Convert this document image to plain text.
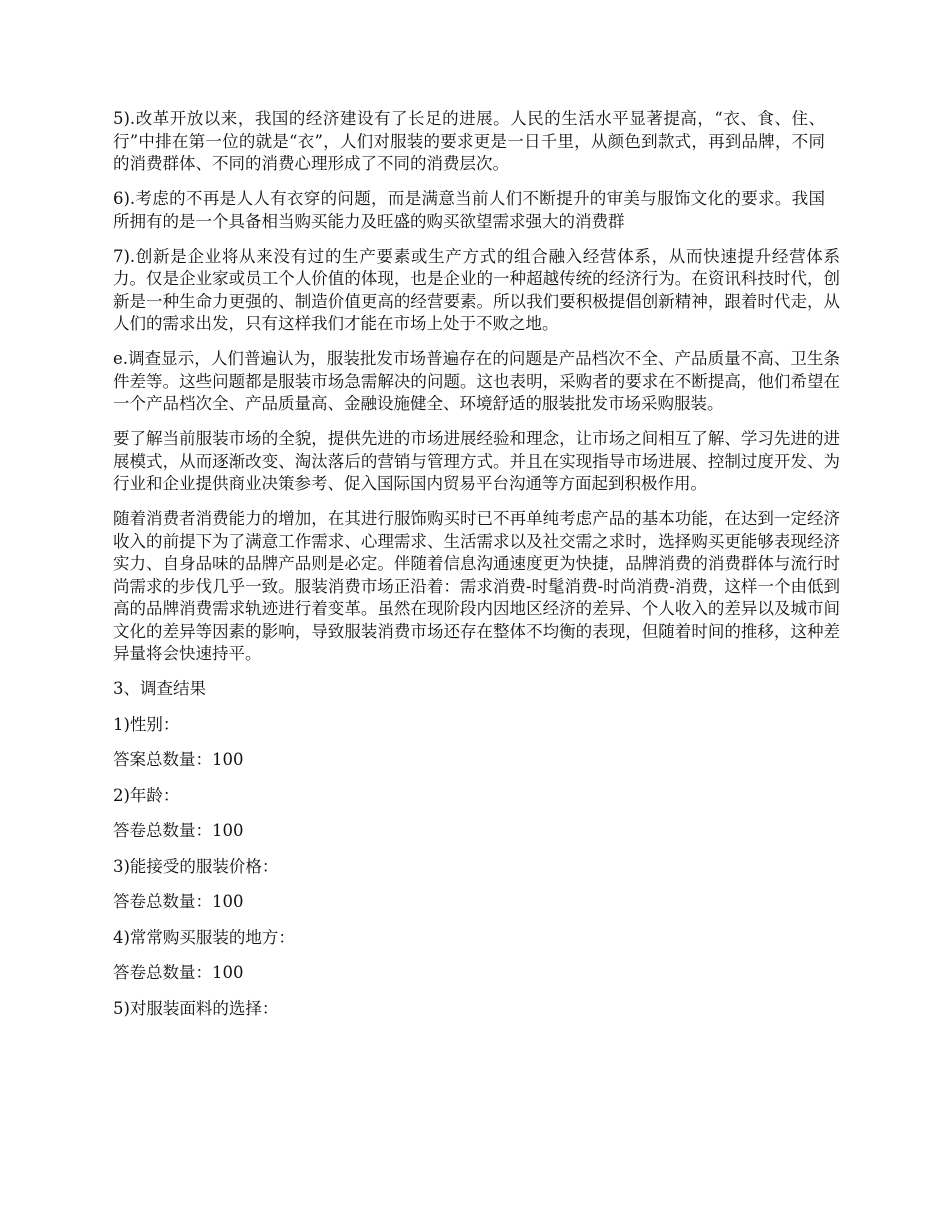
5).改革开放以来，我国的经济建设有了长足的进展。人民的生活水平显著提高，“衣、食、住、行”中排在第一位的就是“衣”，人们对服装的要求更是一日千里，从颜色到款式，再到品牌，不同的消费群体、不同的消费心理形成了不同的消费层次。

6).考虑的不再是人人有衣穿的问题，而是满意当前人们不断提升的审美与服饰文化的要求。我国所拥有的是一个具备相当购买能力及旺盛的购买欲望需求强大的消费群

7).创新是企业将从来没有过的生产要素或生产方式的组合融入经营体系，从而快速提升经营体系力。仅是企业家或员工个人价值的体现，也是企业的一种超越传统的经济行为。在资讯科技时代，创新是一种生命力更强的、制造价值更高的经营要素。所以我们要积极提倡创新精神，跟着时代走，从人们的需求出发，只有这样我们才能在市场上处于不败之地。

e.调查显示，人们普遍认为，服装批发市场普遍存在的问题是产品档次不全、产品质量不高、卫生条件差等。这些问题都是服装市场急需解决的问题。这也表明，采购者的要求在不断提高，他们希望在一个产品档次全、产品质量高、金融设施健全、环境舒适的服装批发市场采购服装。

要了解当前服装市场的全貌，提供先进的市场进展经验和理念，让市场之间相互了解、学习先进的进展模式，从而逐渐改变、淘汰落后的营销与管理方式。并且在实现指导市场进展、控制过度开发、为行业和企业提供商业决策参考、促入国际国内贸易平台沟通等方面起到积极作用。

随着消费者消费能力的增加，在其进行服饰购买时已不再单纯考虑产品的基本功能，在达到一定经济收入的前提下为了满意工作需求、心理需求、生活需求以及社交需之求时，选择购买更能够表现经济实力、自身品味的品牌产品则是必定。伴随着信息沟通速度更为快捷，品牌消费的消费群体与流行时尚需求的步伐几乎一致。服装消费市场正沿着：需求消费-时髦消费-时尚消费-消费，这样一个由低到高的品牌消费需求轨迹进行着变革。虽然在现阶段内因地区经济的差异、个人收入的差异以及城市间文化的差异等因素的影响，导致服装消费市场还存在整体不均衡的表现，但随着时间的推移，这种差异量将会快速持平。

3、调查结果
1)性别：
答案总数量：100
2)年龄：
答卷总数量：100
3)能接受的服装价格：
答卷总数量：100
4)常常购买服装的地方：
答卷总数量：100
5)对服装面料的选择：
